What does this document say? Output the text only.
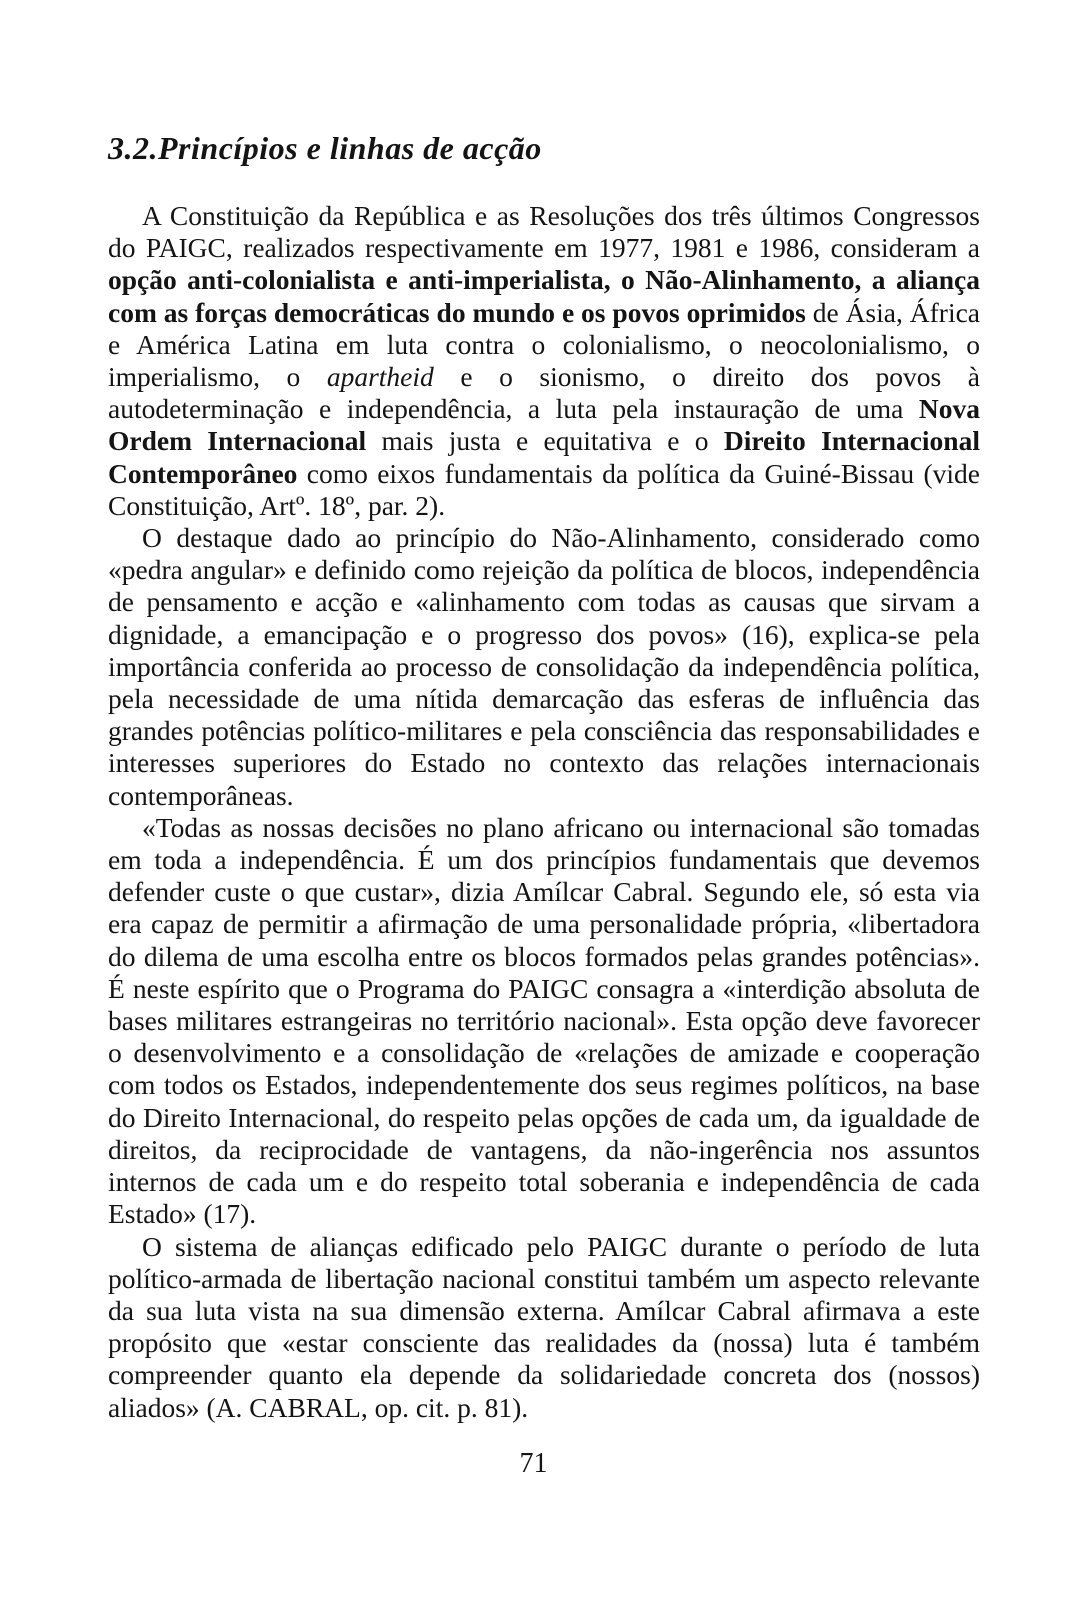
3.2.Princípios e linhas de acção

A Constituição da República e as Resoluções dos três últimos Congressos do PAIGC, realizados respectivamente em 1977, 1981 e 1986, consideram a opção anti-colonialista e anti-imperialista, o Não-Alinhamento, a aliança com as forças democráticas do mundo e os povos oprimidos de Ásia, África e América Latina em luta contra o colonialismo, o neocolonialismo, o imperialismo, o apartheid e o sionismo, o direito dos povos à autodeterminação e independência, a luta pela instauração de uma Nova Ordem Internacional mais justa e equitativa e o Direito Internacional Contemporâneo como eixos fundamentais da política da Guiné-Bissau (vide Constituição, Artº. 18º, par. 2).

O destaque dado ao princípio do Não-Alinhamento, considerado como «pedra angular» e definido como rejeição da política de blocos, independência de pensamento e acção e «alinhamento com todas as causas que sirvam a dignidade, a emancipação e o progresso dos povos» (16), explica-se pela importância conferida ao processo de consolidação da independência política, pela necessidade de uma nítida demarcação das esferas de influência das grandes potências político-militares e pela consciência das responsabilidades e interesses superiores do Estado no contexto das relações internacionais contemporâneas.

«Todas as nossas decisões no plano africano ou internacional são tomadas em toda a independência. É um dos princípios fundamentais que devemos defender custe o que custar», dizia Amílcar Cabral. Segundo ele, só esta via era capaz de permitir a afirmação de uma personalidade própria, «libertadora do dilema de uma escolha entre os blocos formados pelas grandes potências». É neste espírito que o Programa do PAIGC consagra a «interdição absoluta de bases militares estrangeiras no território nacional». Esta opção deve favorecer o desenvolvimento e a consolidação de «relações de amizade e cooperação com todos os Estados, independentemente dos seus regimes políticos, na base do Direito Internacional, do respeito pelas opções de cada um, da igualdade de direitos, da reciprocidade de vantagens, da não-ingerência nos assuntos internos de cada um e do respeito total soberania e independência de cada Estado» (17).

O sistema de alianças edificado pelo PAIGC durante o período de luta político-armada de libertação nacional constitui também um aspecto relevante da sua luta vista na sua dimensão externa. Amílcar Cabral afirmava a este propósito que «estar consciente das realidades da (nossa) luta é também compreender quanto ela depende da solidariedade concreta dos (nossos) aliados» (A. CABRAL, op. cit. p. 81).

71
